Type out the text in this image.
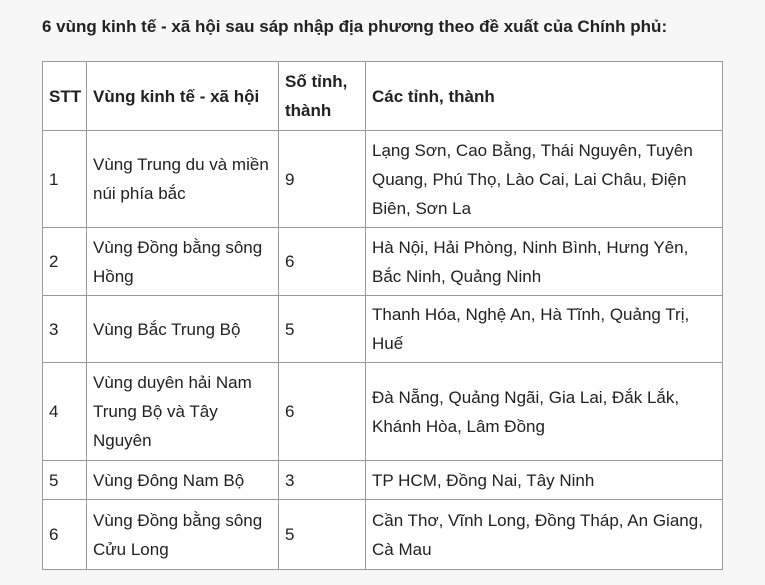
6 vùng kinh tế - xã hội sau sáp nhập địa phương theo đề xuất của Chính phủ:
STT	Vùng kinh tế - xã hội	Số tỉnh, thành	Các tỉnh, thành
1	Vùng Trung du và miền núi phía bắc	9	Lạng Sơn, Cao Bằng, Thái Nguyên, Tuyên Quang, Phú Thọ, Lào Cai, Lai Châu, Điện Biên, Sơn La
2	Vùng Đồng bằng sông Hồng	6	Hà Nội, Hải Phòng, Ninh Bình, Hưng Yên, Bắc Ninh, Quảng Ninh
3	Vùng Bắc Trung Bộ	5	Thanh Hóa, Nghệ An, Hà Tĩnh, Quảng Trị, Huế
4	Vùng duyên hải Nam Trung Bộ và Tây Nguyên	6	Đà Nẵng, Quảng Ngãi, Gia Lai, Đắk Lắk, Khánh Hòa, Lâm Đồng
5	Vùng Đông Nam Bộ	3	TP HCM, Đồng Nai, Tây Ninh
6	Vùng Đồng bằng sông Cửu Long	5	Cần Thơ, Vĩnh Long, Đồng Tháp, An Giang, Cà Mau
